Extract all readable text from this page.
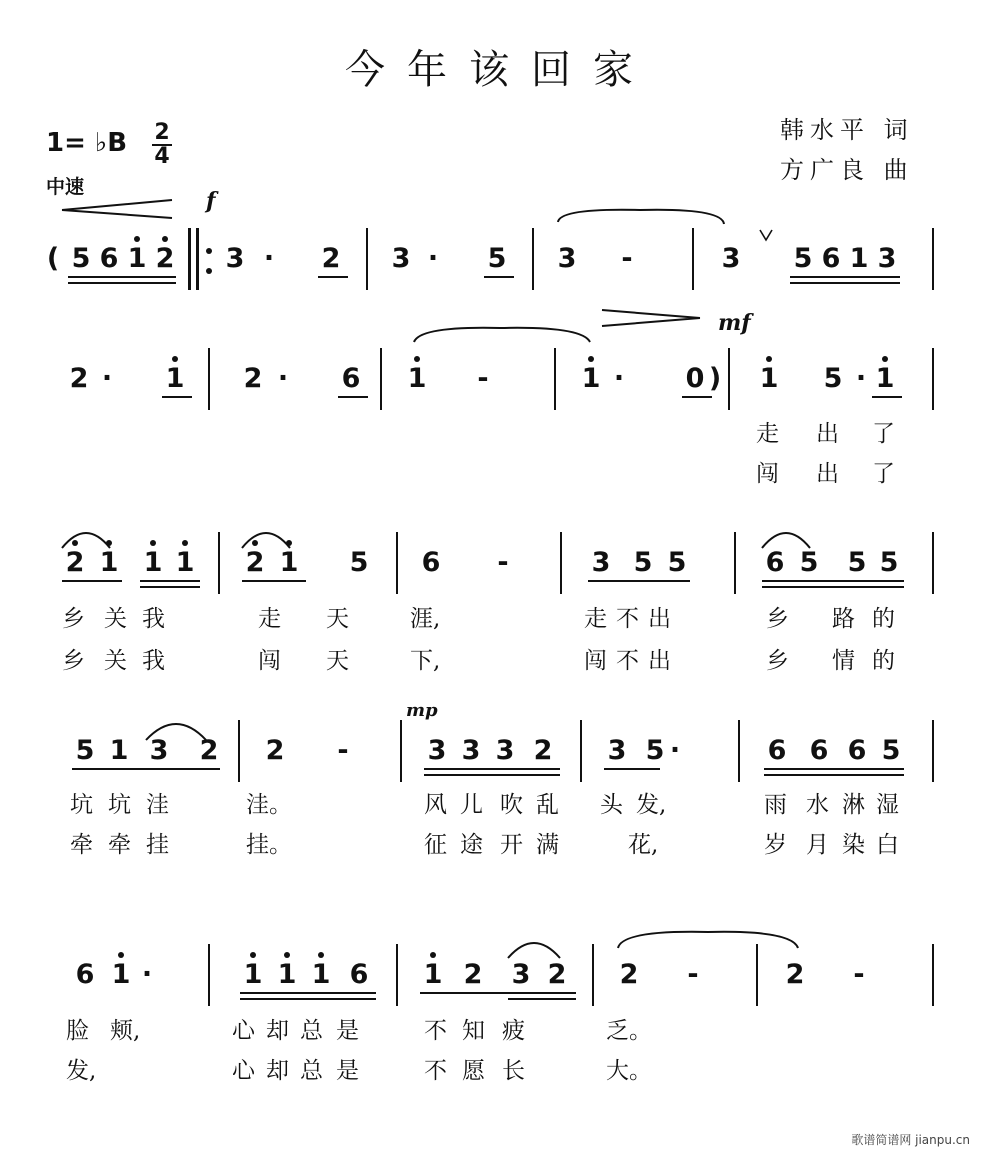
今年该回家
韩水平 词
方广良 曲
1= ♭B 2
4
中速
f
mf
mp
( 5 6 1 2 3 ·	2 3 ·	5 3	-	3 5 6 1 3
2 ·	1 2 ·	6 1	-	1 ·	0 )	1 5 · 1
走 出 了
闯 出 了
2 1 1 1 2 1 5 6	-	3 5 5	6 5 5 5
乡 关 我	走 天	涯,	走 不 出	乡 路 的
乡 关 我	闯 天	下,	闯 不 出	乡 情 的
5 1 3 2 2	-	3 3 3 2 3 5 ·	6 6 6 5
坑 坑 洼	洼。	风 儿 吹 乱 头 发,	雨 水 淋 湿
牵 牵 挂	挂。	征 途 开 满	花,	岁 月 染 白
6 1 ·	1 1 1 6 1 2 3 2 2	-	2	-
脸 颊,	心 却 总 是	不 知 疲	乏。
发,	心 却 总 是	不 愿 长	大。
歌谱简谱网 jianpu.cn
